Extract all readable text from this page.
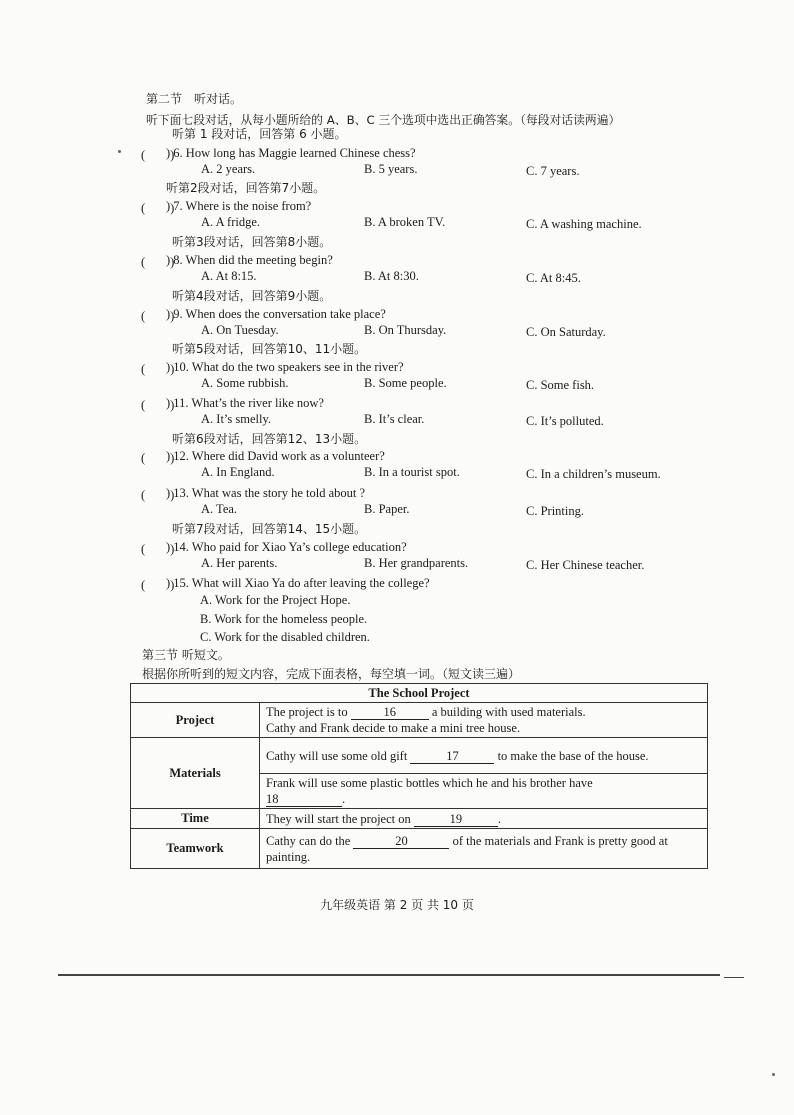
第二节　听对话。
听下面七段对话，从每小题所给的 A、B、C 三个选项中选出正确答案。（每段对话读两遍）
听第 1 段对话，回答第 6 小题。
(　　)
) 6. How long has Maggie learned Chinese chess?
A. 2 years.	B. 5 years.	C. 7 years.
听第2段对话，回答第7小题。
(　　)
) 7. Where is the noise from?
A. A fridge.	B. A broken TV.	C. A washing machine.
听第3段对话，回答第8小题。
(　　)
) 8. When did the meeting begin?
A. At 8:15.	B. At 8:30.	C. At 8:45.
听第4段对话，回答第9小题。
(　　)
) 9. When does the conversation take place?
A. On Tuesday.	B. On Thursday.	C. On Saturday.
听第5段对话，回答第10、11小题。
(　　)
) 10. What do the two speakers see in the river?
A. Some rubbish.	B. Some people.	C. Some fish.
(　　)
) 11. What’s the river like now?
A. It’s smelly.	B. It’s clear.	C. It’s polluted.
听第6段对话，回答第12、13小题。
(　　)
) 12. Where did David work as a volunteer?
A. In England.	B. In a tourist spot.	C. In a children’s museum.
(　　)
) 13. What was the story he told about ?
A. Tea.	B. Paper.	C. Printing.
听第7段对话，回答第14、15小题。
(　　)
) 14. Who paid for Xiao Ya’s college education?
A. Her parents.	B. Her grandparents.	C. Her Chinese teacher.
(　　)
) 15. What will Xiao Ya do after leaving the college?
A. Work for the Project Hope.
B. Work for the homeless people.
C. Work for the disabled children.
第三节 听短文。
根据你所听到的短文内容，完成下面表格，每空填一词。（短文读三遍）
The School Project	
Project	The project is to 16 a building with used materials.
Cathy and Frank decide to make a mini tree house.
Materials	Cathy will use some old gift 17 to make the base of the house.
	Frank will use some plastic bottles which he and his brother have
18 .
Time	They will start the project on 19 .
Teamwork	Cathy can do the 20 of the materials and Frank is pretty good at painting.
九年级英语 第 2 页 共 10 页
